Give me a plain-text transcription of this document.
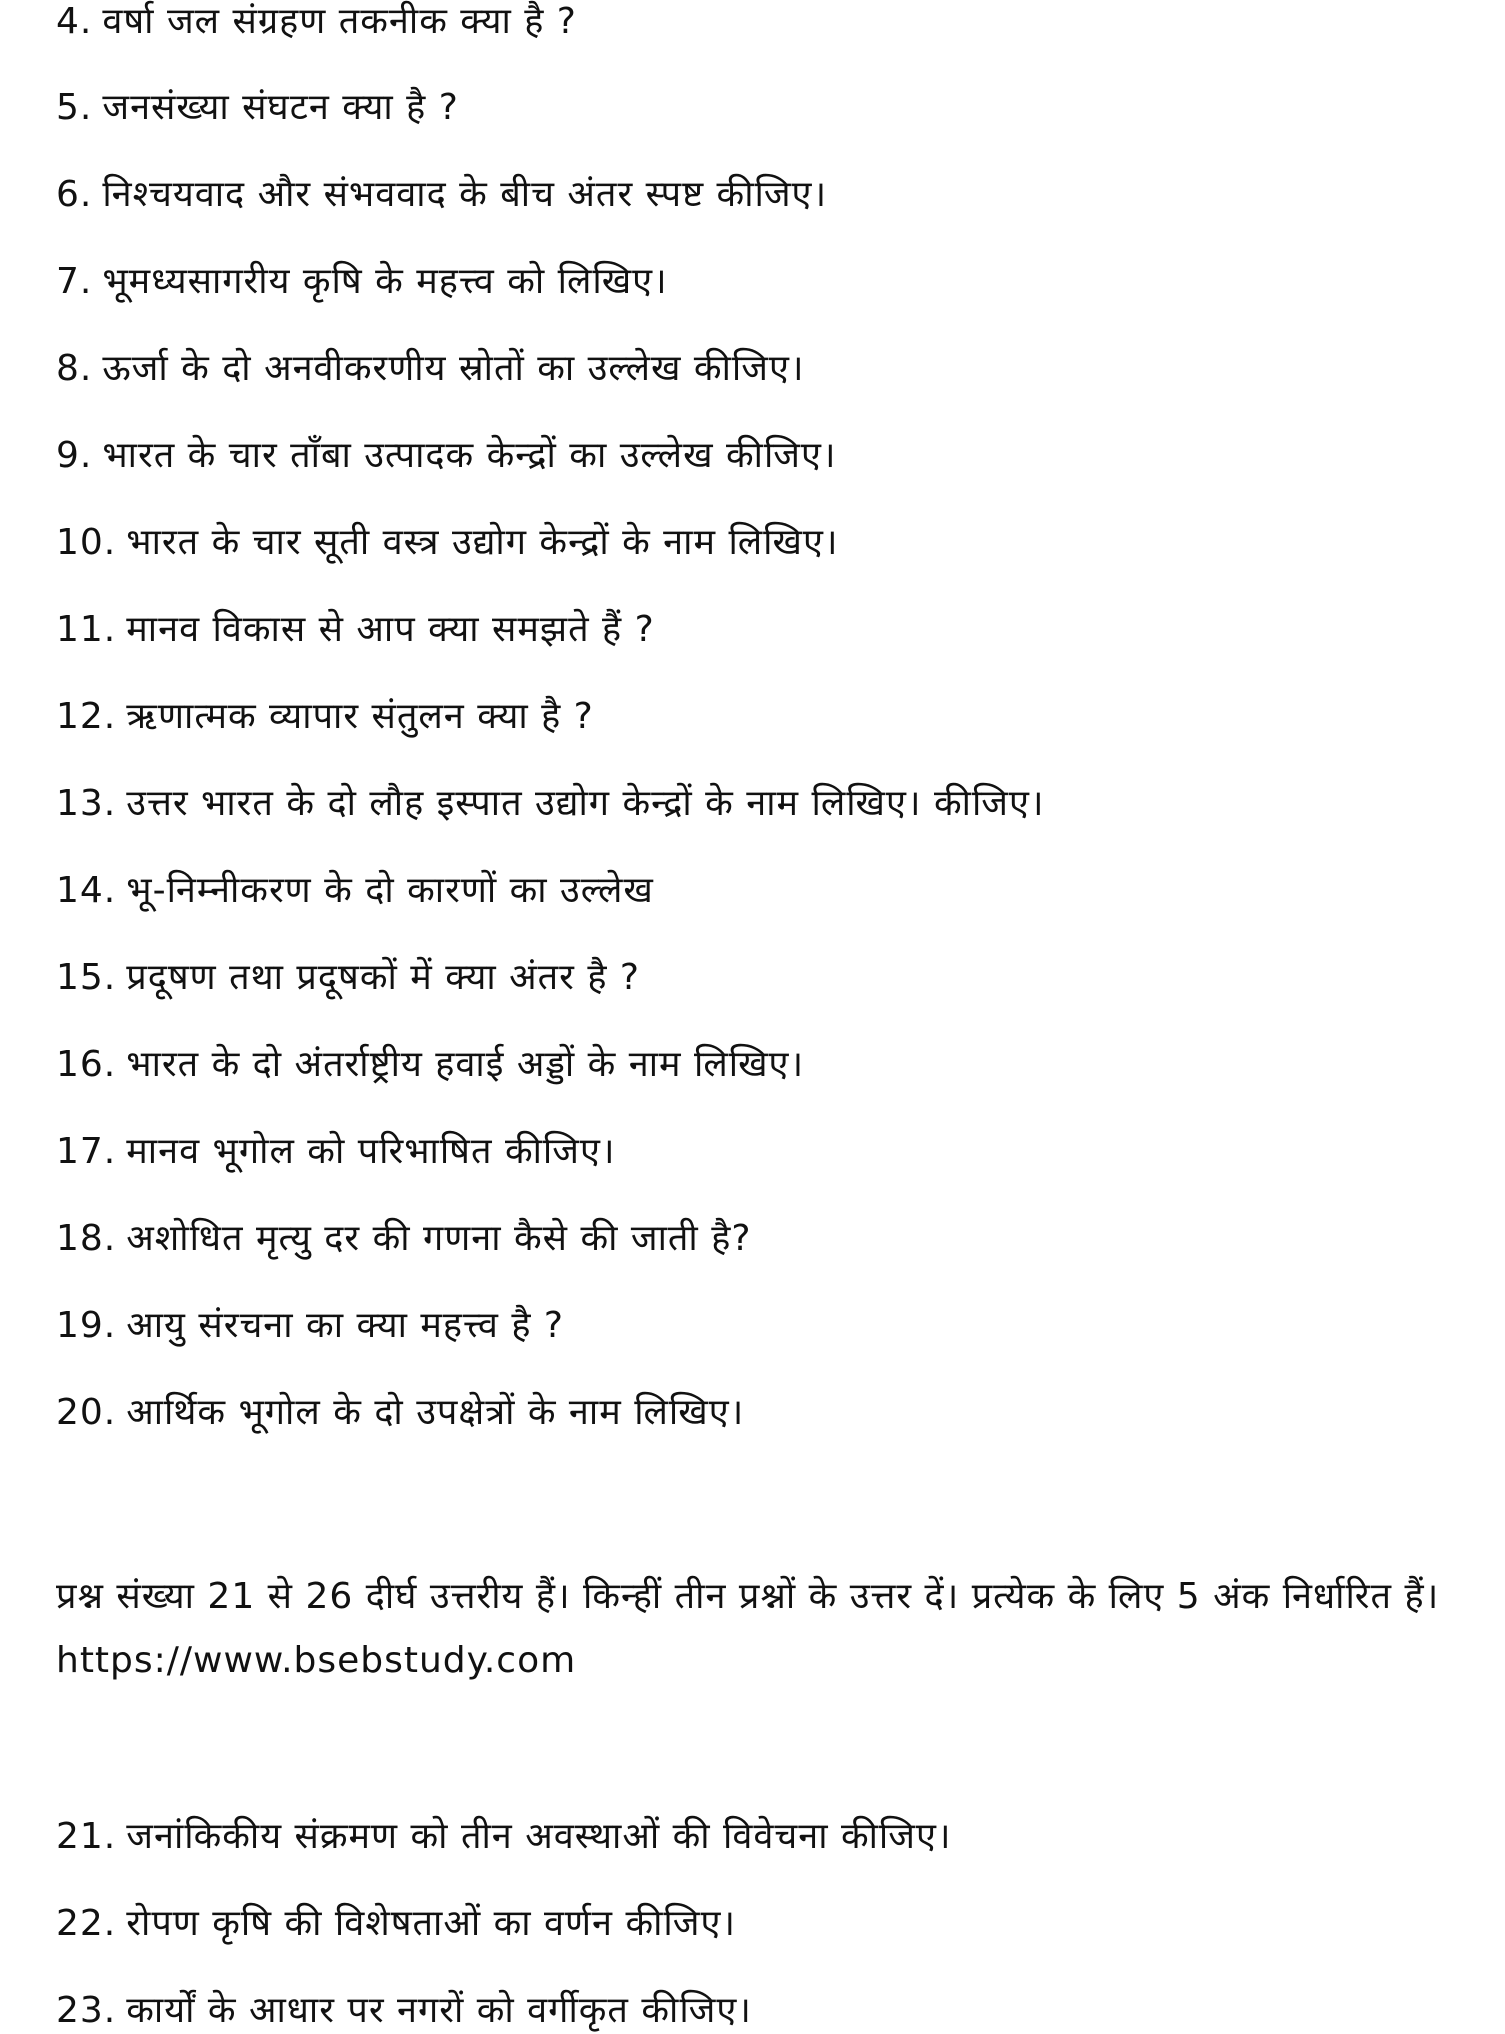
4. वर्षा जल संग्रहण तकनीक क्या है ?
5. जनसंख्या संघटन क्या है ?
6. निश्चयवाद और संभववाद के बीच अंतर स्पष्ट कीजिए।
7. भूमध्यसागरीय कृषि के महत्त्व को लिखिए।
8. ऊर्जा के दो अनवीकरणीय स्रोतों का उल्लेख कीजिए।
9. भारत के चार ताँबा उत्पादक केन्द्रों का उल्लेख कीजिए।
10. भारत के चार सूती वस्त्र उद्योग केन्द्रों के नाम लिखिए।
11. मानव विकास से आप क्या समझते हैं ?
12. ऋणात्मक व्यापार संतुलन क्या है ?
13. उत्तर भारत के दो लौह इस्पात उद्योग केन्द्रों के नाम लिखिए। कीजिए।
14. भू-निम्नीकरण के दो कारणों का उल्लेख
15. प्रदूषण तथा प्रदूषकों में क्या अंतर है ?
16. भारत के दो अंतर्राष्ट्रीय हवाई अड्डों के नाम लिखिए।
17. मानव भूगोल को परिभाषित कीजिए।
18. अशोधित मृत्यु दर की गणना कैसे की जाती है?
19. आयु संरचना का क्या महत्त्व है ?
20. आर्थिक भूगोल के दो उपक्षेत्रों के नाम लिखिए।
प्रश्न संख्या 21 से 26 दीर्घ उत्तरीय हैं। किन्हीं तीन प्रश्नों के उत्तर दें। प्रत्येक के लिए 5 अंक निर्धारित हैं। https://www.bsebstudy.com
21. जनांकिकीय संक्रमण को तीन अवस्थाओं की विवेचना कीजिए।
22. रोपण कृषि की विशेषताओं का वर्णन कीजिए।
23. कार्यों के आधार पर नगरों को वर्गीकृत कीजिए।
